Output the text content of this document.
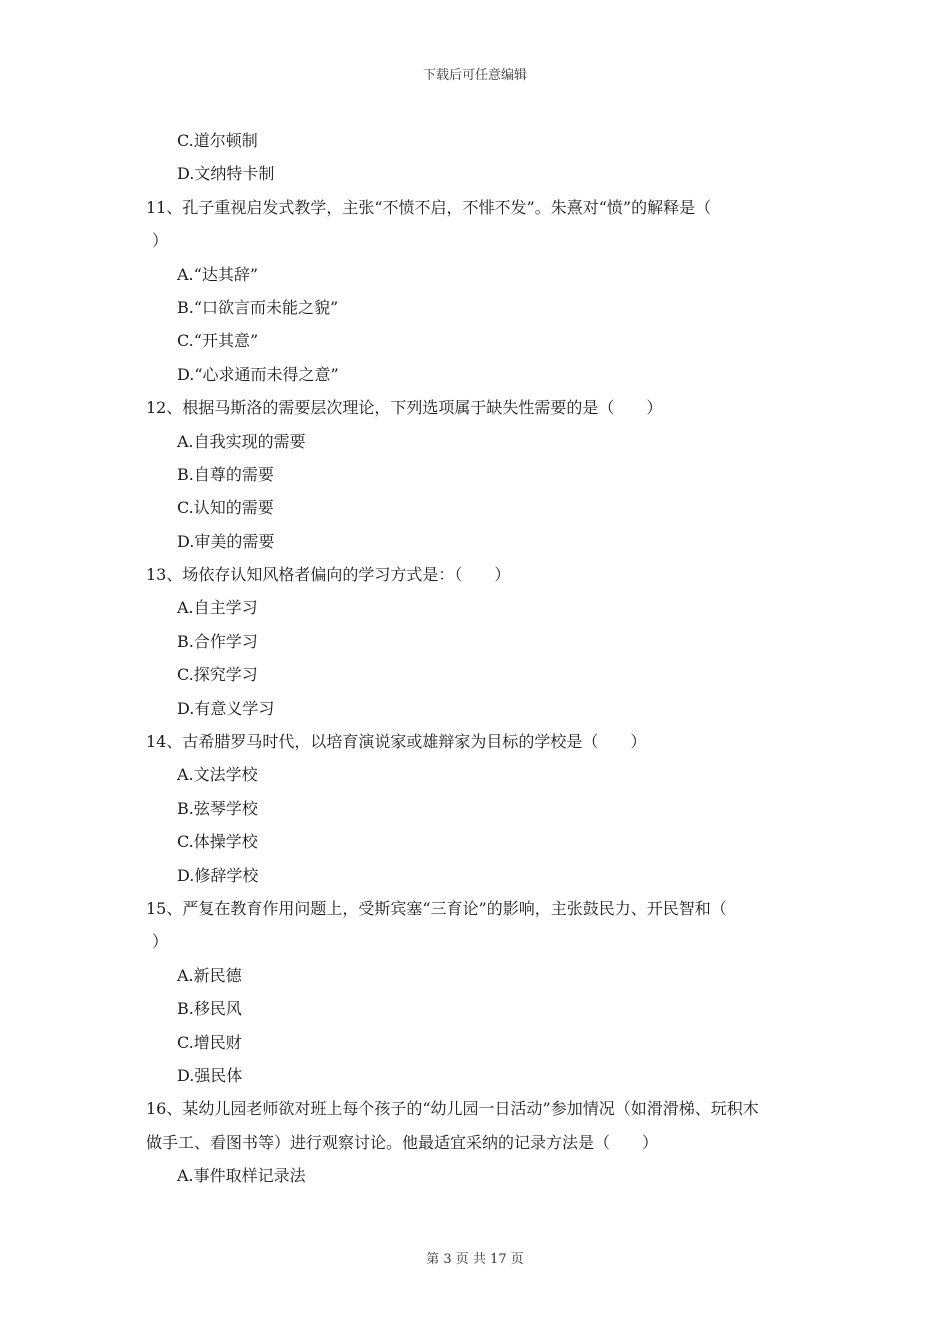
下载后可任意编辑
C.道尔顿制
D.文纳特卡制
11、孔子重视启发式教学，主张“不愤不启，不悱不发”。朱熹对“愤”的解释是（
）
A.“达其辞”
B.“口欲言而未能之貌”
C.“开其意”
D.“心求通而未得之意”
12、根据马斯洛的需要层次理论，下列选项属于缺失性需要的是（　　）
A.自我实现的需要
B.自尊的需要
C.认知的需要
D.审美的需要
13、场依存认知风格者偏向的学习方式是：（　　）
A.自主学习
B.合作学习
C.探究学习
D.有意义学习
14、古希腊罗马时代，以培育演说家或雄辩家为目标的学校是（　　）
A.文法学校
B.弦琴学校
C.体操学校
D.修辞学校
15、严复在教育作用问题上，受斯宾塞“三育论”的影响，主张鼓民力、开民智和（
）
A.新民德
B.移民风
C.增民财
D.强民体
16、某幼儿园老师欲对班上每个孩子的“幼儿园一日活动”参加情况（如滑滑梯、玩积木
做手工、看图书等）进行观察讨论。他最适宜采纳的记录方法是（　　）
A.事件取样记录法
第 3 页 共 17 页
